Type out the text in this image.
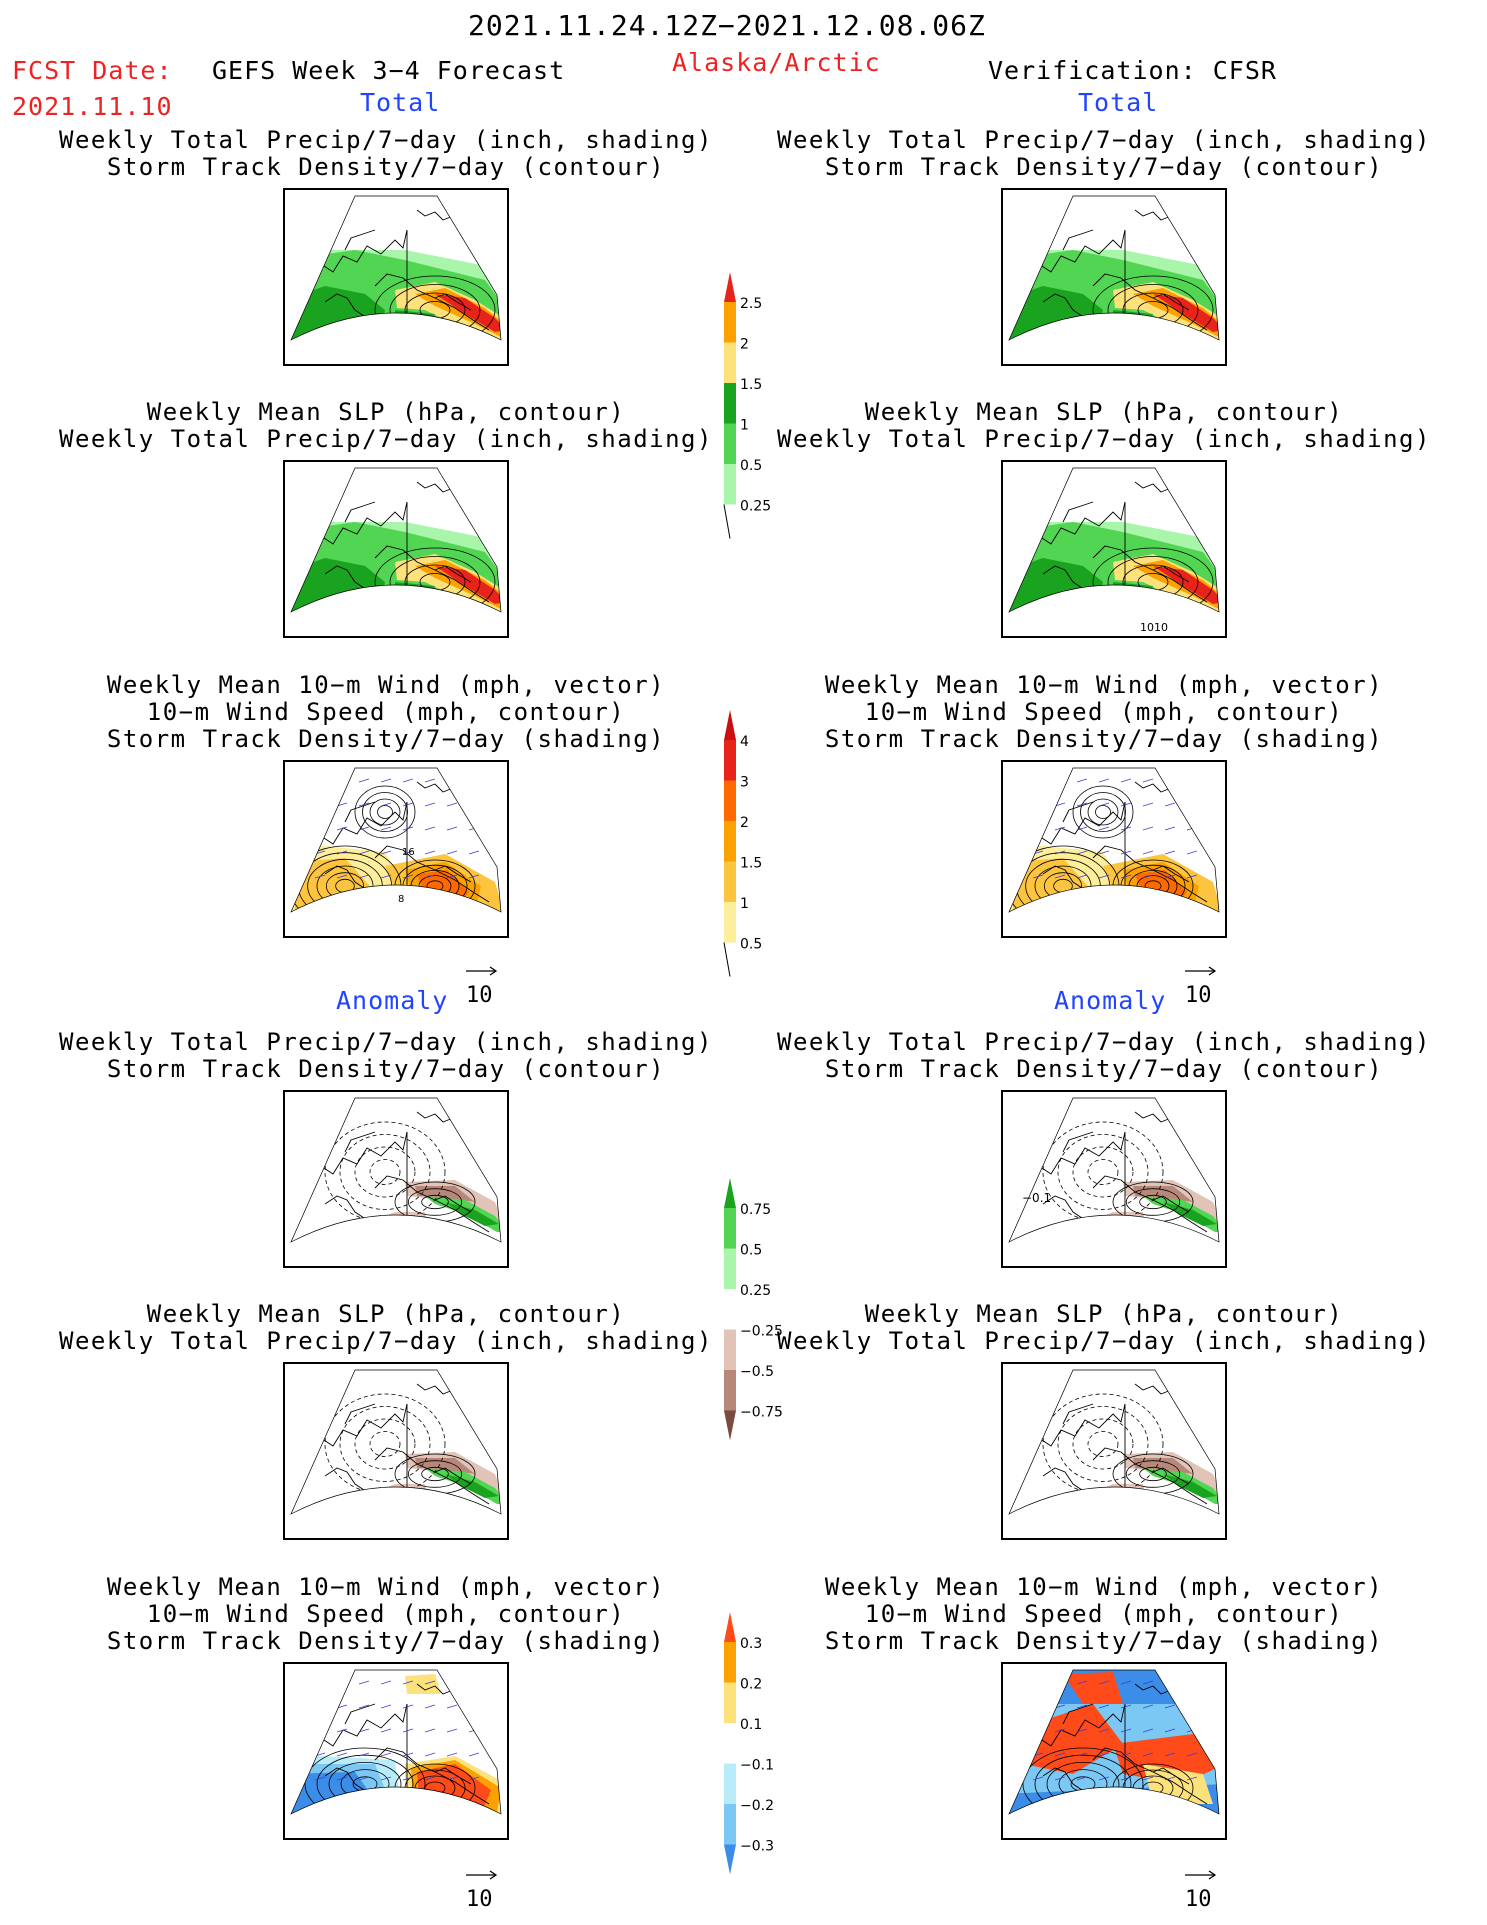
2021.11.24.12Z−2021.12.08.06Z
FCST Date:
2021.11.10
GEFS Week 3−4 Forecast	Alaska/Arctic	Verification: CFSR
Total	Total
Anomaly	Anomaly
Weekly Total Precip/7−day (inch, shading)
Storm Track Density/7−day (contour)
Weekly Total Precip/7−day (inch, shading)
Storm Track Density/7−day (contour)
Weekly Mean SLP (hPa, contour)
Weekly Total Precip/7−day (inch, shading)
Weekly Mean SLP (hPa, contour)
Weekly Total Precip/7−day (inch, shading)
Weekly Mean 10−m Wind (mph, vector)
10−m Wind Speed (mph, contour)
Storm Track Density/7−day (shading)
Weekly Mean 10−m Wind (mph, vector)
10−m Wind Speed (mph, contour)
Storm Track Density/7−day (shading)
Weekly Total Precip/7−day (inch, shading)
Storm Track Density/7−day (contour)
Weekly Total Precip/7−day (inch, shading)
Storm Track Density/7−day (contour)
Weekly Mean SLP (hPa, contour)
Weekly Total Precip/7−day (inch, shading)
Weekly Mean SLP (hPa, contour)
Weekly Total Precip/7−day (inch, shading)
Weekly Mean 10−m Wind (mph, vector)
10−m Wind Speed (mph, contour)
Storm Track Density/7−day (shading)
Weekly Mean 10−m Wind (mph, vector)
10−m Wind Speed (mph, contour)
Storm Track Density/7−day (shading)
1010
−0.1
16
8
10	10
10	10
2.5
2
1.5
1
0.5
0.25
4
3
2
1.5
1
0.5
0.75
0.5
0.25
−0.25
−0.5
−0.75
0.3
0.2
0.1
−0.1
−0.2
−0.3
